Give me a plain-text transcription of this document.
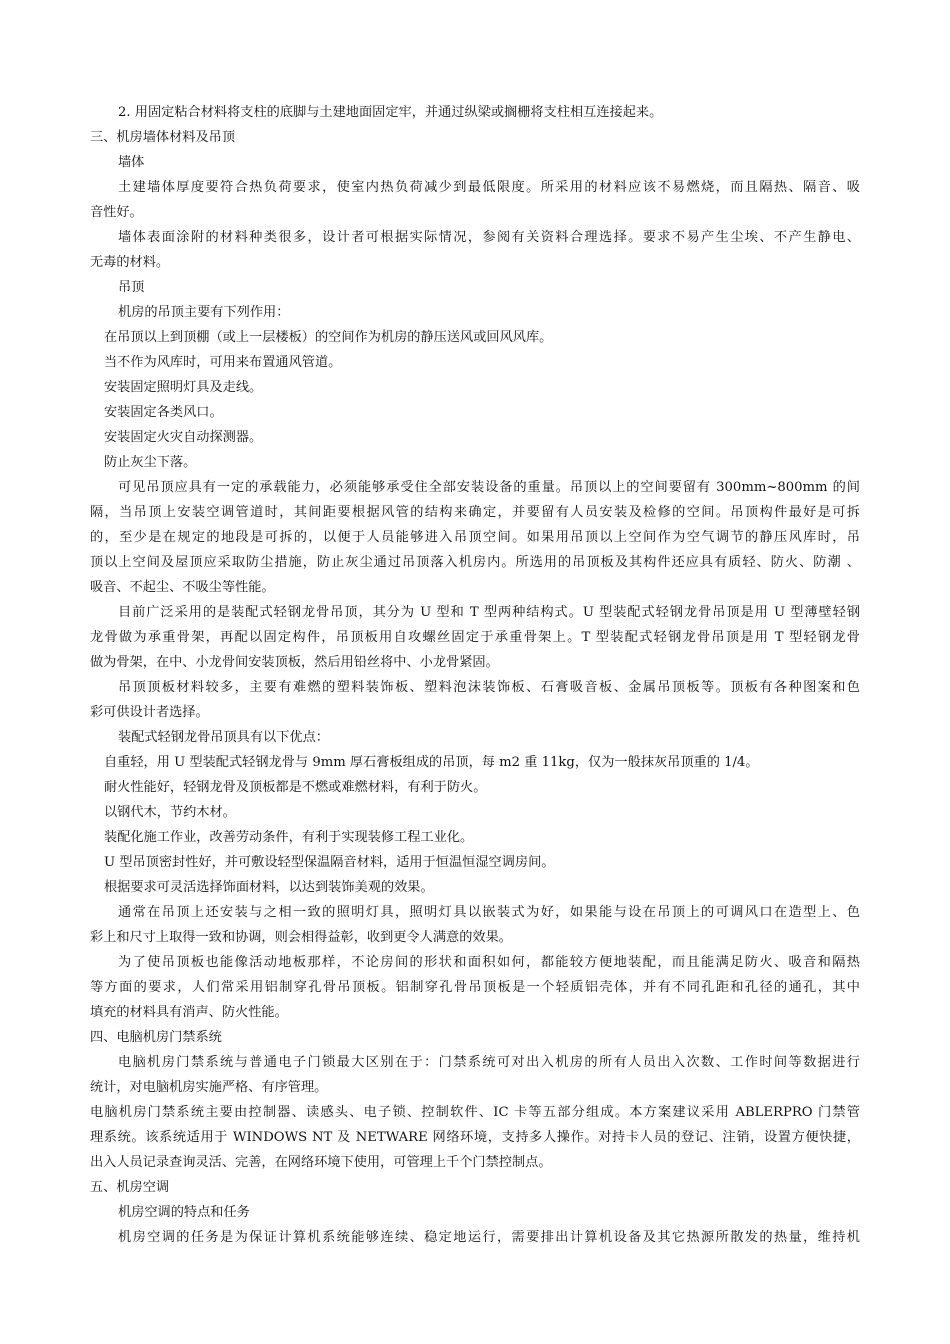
2. 用固定粘合材料将支柱的底脚与土建地面固定牢，并通过纵梁或搁栅将支柱相互连接起来。
三、机房墙体材料及吊顶
墙体
土建墙体厚度要符合热负荷要求，使室内热负荷减少到最低限度。所采用的材料应该不易燃烧，而且隔热、隔音、吸
音性好。
墙体表面涂附的材料种类很多，设计者可根据实际情况，参阅有关资料合理选择。要求不易产生尘埃、不产生静电、
无毒的材料。
吊顶
机房的吊顶主要有下列作用：
在吊顶以上到顶棚（或上一层楼板）的空间作为机房的静压送风或回风风库。
当不作为风库时，可用来布置通风管道。
安装固定照明灯具及走线。
安装固定各类风口。
安装固定火灾自动探测器。
防止灰尘下落。
可见吊顶应具有一定的承载能力，必须能够承受住全部安装设备的重量。吊顶以上的空间要留有 300mm~800mm 的间
隔，当吊顶上安装空调管道时，其间距要根据风管的结构来确定，并要留有人员安装及检修的空间。吊顶构件最好是可拆
的，至少是在规定的地段是可拆的，以便于人员能够进入吊顶空间。如果用吊顶以上空间作为空气调节的静压风库时，吊
顶以上空间及屋顶应采取防尘措施，防止灰尘通过吊顶落入机房内。所选用的吊顶板及其构件还应具有质轻、防火、防潮 、
吸音、不起尘、不吸尘等性能。
目前广泛采用的是装配式轻钢龙骨吊顶，其分为 U 型和 T 型两种结构式。U 型装配式轻钢龙骨吊顶是用 U 型薄壁轻钢
龙骨做为承重骨架，再配以固定构件，吊顶板用自攻螺丝固定于承重骨架上。T 型装配式轻钢龙骨吊顶是用 T 型轻钢龙骨
做为骨架，在中、小龙骨间安装顶板，然后用铅丝将中、小龙骨紧固。
吊顶顶板材料较多，主要有难燃的塑料装饰板、塑料泡沫装饰板、石膏吸音板、金属吊顶板等。顶板有各种图案和色
彩可供设计者选择。
装配式轻钢龙骨吊顶具有以下优点：
自重轻，用 U 型装配式轻钢龙骨与 9mm 厚石膏板组成的吊顶，每 m2 重 11kg，仅为一般抹灰吊顶重的 1/4。
耐火性能好，轻钢龙骨及顶板都是不燃或难燃材料，有利于防火。
以钢代木，节约木材。
装配化施工作业，改善劳动条件，有利于实现装修工程工业化。
U 型吊顶密封性好，并可敷设轻型保温隔音材料，适用于恒温恒湿空调房间。
根据要求可灵活选择饰面材料，以达到装饰美观的效果。
通常在吊顶上还安装与之相一致的照明灯具，照明灯具以嵌装式为好，如果能与设在吊顶上的可调风口在造型上、色
彩上和尺寸上取得一致和协调，则会相得益彰，收到更令人满意的效果。
为了使吊顶板也能像活动地板那样，不论房间的形状和面积如何，都能较方便地装配，而且能满足防火、吸音和隔热
等方面的要求，人们常采用铝制穿孔骨吊顶板。铝制穿孔骨吊顶板是一个轻质铝壳体，并有不同孔距和孔径的通孔，其中
填充的材料具有消声、防火性能。
四、电脑机房门禁系统
电脑机房门禁系统与普通电子门锁最大区别在于：门禁系统可对出入机房的所有人员出入次数、工作时间等数据进行
统计，对电脑机房实施严格、有序管理。
电脑机房门禁系统主要由控制器、读感头、电子锁、控制软件、IC 卡等五部分组成。本方案建议采用 ABLERPRO 门禁管
理系统。该系统适用于 WINDOWS NT 及 NETWARE 网络环境，支持多人操作。对持卡人员的登记、注销，设置方便快捷，
出入人员记录查询灵活、完善，在网络环境下使用，可管理上千个门禁控制点。
五、机房空调
机房空调的特点和任务
机房空调的任务是为保证计算机系统能够连续、稳定地运行，需要排出计算机设备及其它热源所散发的热量，维持机
